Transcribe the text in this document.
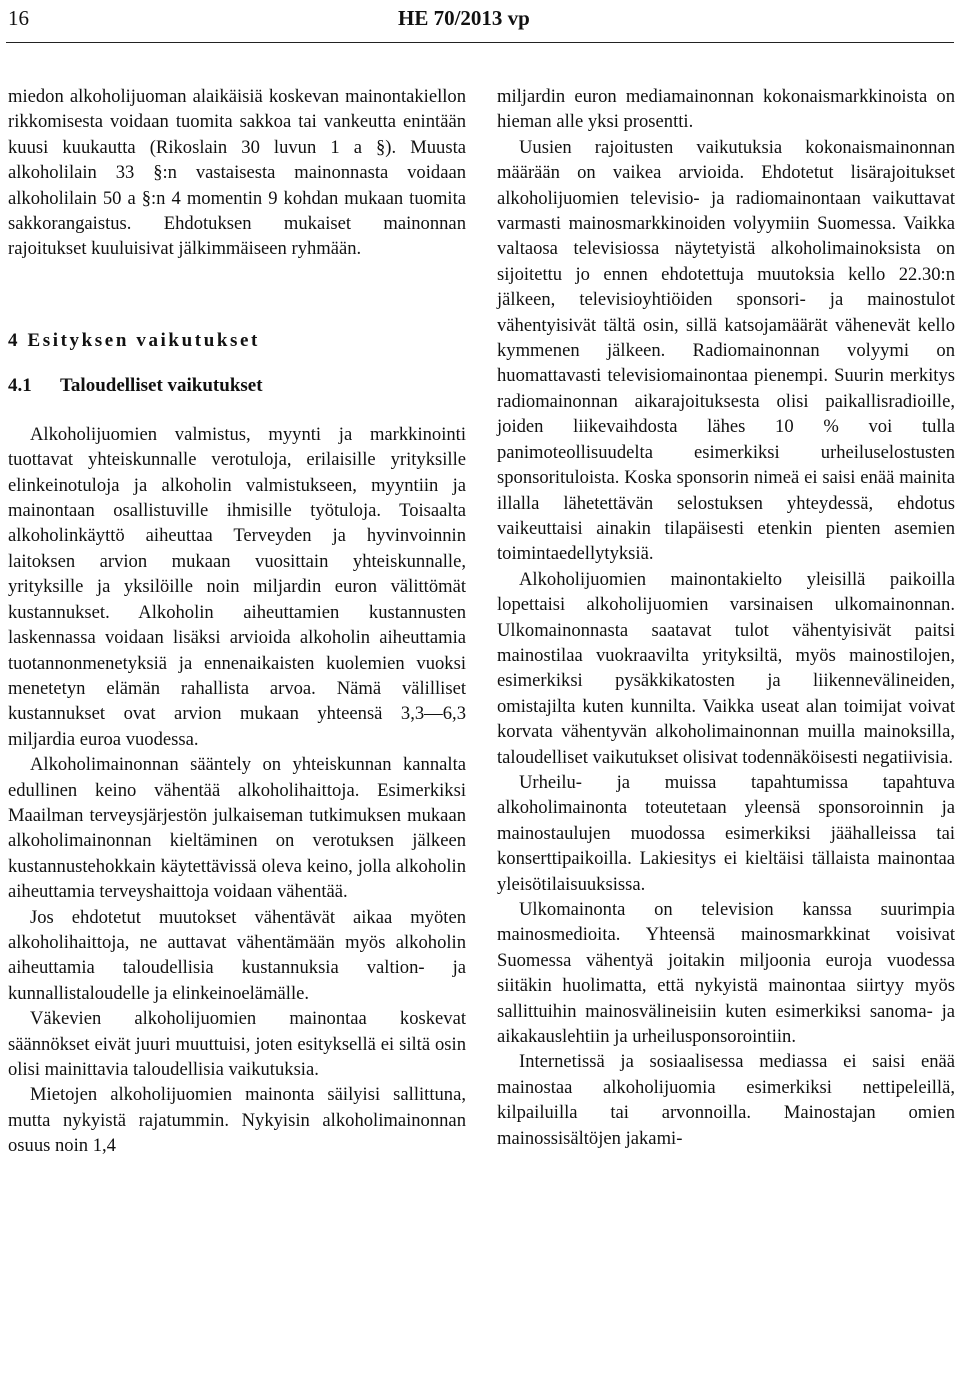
16	HE 70/2013 vp

miedon alkoholijuoman alaikäisiä koskevan mainontakiellon rikkomisesta voidaan tuomita sakkoa tai vankeutta enintään kuusi kuukautta (Rikoslain 30 luvun 1 a §). Muusta alkoholilain 33 §:n vastaisesta mainonnasta voidaan alkoholilain 50 a §:n 4 momentin 9 kohdan mukaan tuomita sakkorangaistus. Ehdotuksen mukaiset mainonnan rajoitukset kuuluisivat jälkimmäiseen ryhmään.

4 Esityksen vaikutukset
4.1 Taloudelliset vaikutukset

Alkoholijuomien valmistus, myynti ja markkinointi tuottavat yhteiskunnalle verotuloja, erilaisille yrityksille elinkeinotuloja ja alkoholin valmistukseen, myyntiin ja mainontaan osallistuville ihmisille työtuloja. Toisaalta alkoholinkäyttö aiheuttaa Terveyden ja hyvinvoinnin laitoksen arvion mukaan vuosittain yhteiskunnalle, yrityksille ja yksilöille noin miljardin euron välittömät kustannukset. Alkoholin aiheuttamien kustannusten laskennassa voidaan lisäksi arvioida alkoholin aiheuttamia tuotannonmenetyksiä ja ennenaikaisten kuolemien vuoksi menetetyn elämän rahallista arvoa. Nämä välilliset kustannukset ovat arvion mukaan yhteensä 3,3—6,3 miljardia euroa vuodessa.

Alkoholimainonnan sääntely on yhteiskunnan kannalta edullinen keino vähentää alkoholihaittoja. Esimerkiksi Maailman terveysjärjestön julkaiseman tutkimuksen mukaan alkoholimainonnan kieltäminen on verotuksen jälkeen kustannustehokkain käytettävissä oleva keino, jolla alkoholin aiheuttamia terveyshaittoja voidaan vähentää.

Jos ehdotetut muutokset vähentävät aikaa myöten alkoholihaittoja, ne auttavat vähentämään myös alkoholin aiheuttamia taloudellisia kustannuksia valtion- ja kunnallistaloudelle ja elinkeinoelämälle.

Väkevien alkoholijuomien mainontaa koskevat säännökset eivät juuri muuttuisi, joten esityksellä ei siltä osin olisi mainittavia taloudellisia vaikutuksia.

Mietojen alkoholijuomien mainonta säilyisi sallittuna, mutta nykyistä rajatummin. Nykyisin alkoholimainonnan osuus noin 1,4

miljardin euron mediamainonnan kokonaismarkkinoista on hieman alle yksi prosentti.

Uusien rajoitusten vaikutuksia kokonaismainonnan määrään on vaikea arvioida. Ehdotetut lisärajoitukset alkoholijuomien televisio- ja radiomainontaan vaikuttavat varmasti mainosmarkkinoiden volyymiin Suomessa. Vaikka valtaosa televisiossa näytetyistä alkoholimainoksista on sijoitettu jo ennen ehdotettuja muutoksia kello 22.30:n jälkeen, televisioyhtiöiden sponsori- ja mainostulot vähentyisivät tältä osin, sillä katsojamäärät vähenevät kello kymmenen jälkeen. Radiomainonnan volyymi on huomattavasti televisiomainontaa pienempi. Suurin merkitys radiomainonnan aikarajoituksesta olisi paikallisradioille, joiden liikevaihdosta lähes 10 % voi tulla panimoteollisuudelta esimerkiksi urheiluselostusten sponsorituloista. Koska sponsorin nimeä ei saisi enää mainita illalla lähetettävän selostuksen yhteydessä, ehdotus vaikeuttaisi ainakin tilapäisesti etenkin pienten asemien toimintaedellytyksiä.

Alkoholijuomien mainontakielto yleisillä paikoilla lopettaisi alkoholijuomien varsinaisen ulkomainonnan. Ulkomainonnasta saatavat tulot vähentyisivät paitsi mainostilaa vuokraavilta yrityksiltä, myös mainostilojen, esimerkiksi pysäkkikatosten ja liikennevälineiden, omistajilta kuten kunnilta. Vaikka useat alan toimijat voivat korvata vähentyvän alkoholimainonnan muilla mainoksilla, taloudelliset vaikutukset olisivat todennäköisesti negatiivisia.

Urheilu- ja muissa tapahtumissa tapahtuva alkoholimainonta toteutetaan yleensä sponsoroinnin ja mainostaulujen muodossa esimerkiksi jäähalleissa tai konserttipaikoilla. Lakiesitys ei kieltäisi tällaista mainontaa yleisötilaisuuksissa.

Ulkomainonta on television kanssa suurimpia mainosmedioita. Yhteensä mainosmarkkinat voisivat Suomessa vähentyä joitakin miljoonia euroja vuodessa siitäkin huolimatta, että nykyistä mainontaa siirtyy myös sallittuihin mainosvälineisiin kuten esimerkiksi sanoma- ja aikakauslehtiin ja urheilusponsorointiin.

Internetissä ja sosiaalisessa mediassa ei saisi enää mainostaa alkoholijuomia esimerkiksi nettipeleillä, kilpailuilla tai arvonnoilla. Mainostajan omien mainossisältöjen jakami-
